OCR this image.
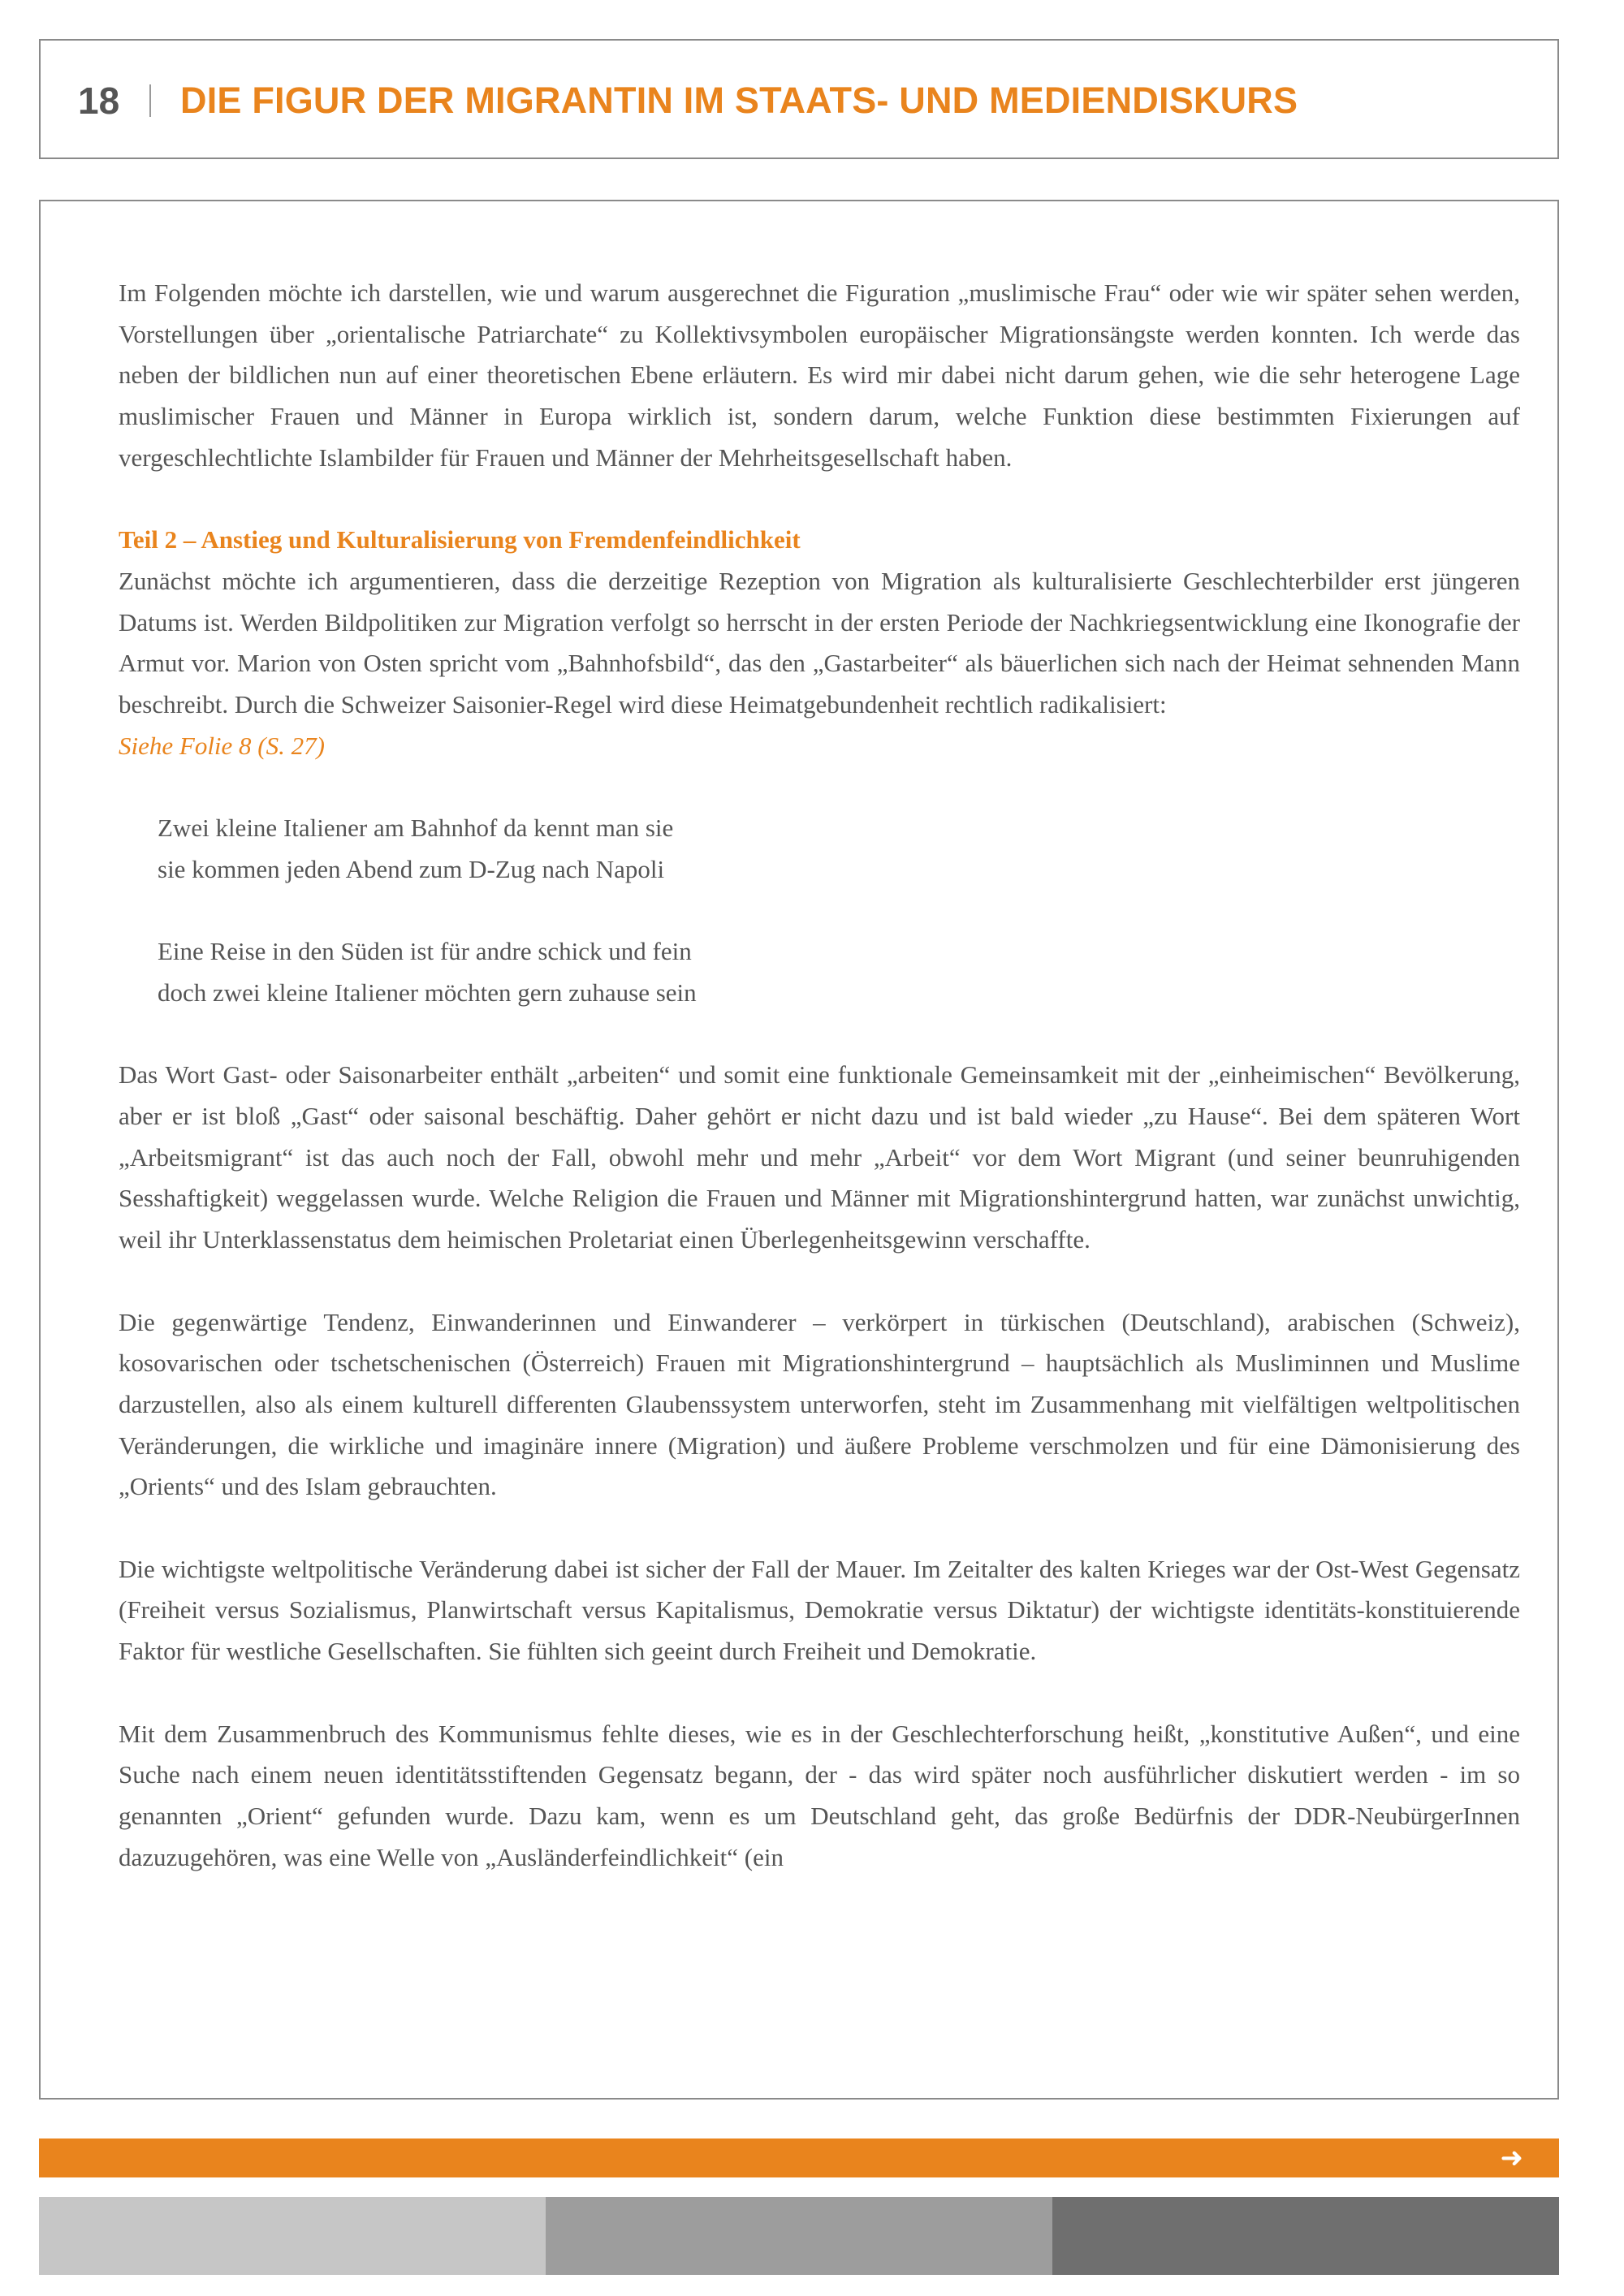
18 DIE FIGUR DER MIGRANTIN IM STAATS- UND MEDIENDISKURS

Im Folgenden möchte ich darstellen, wie und warum ausgerechnet die Figuration „muslimische Frau“ oder wie wir später sehen werden, Vorstellungen über „orientalische Patriarchate“ zu Kollektivsymbolen europäischer Migrationsängste werden konnten. Ich werde das neben der bildlichen nun auf einer theoretischen Ebene erläutern. Es wird mir dabei nicht darum gehen, wie die sehr heterogene Lage muslimischer Frauen und Männer in Europa wirklich ist, sondern darum, welche Funktion diese bestimmten Fixierungen auf vergeschlechtlichte Islambilder für Frauen und Männer der Mehrheitsgesellschaft haben.

Teil 2 – Anstieg und Kulturalisierung von Fremdenfeindlichkeit
Zunächst möchte ich argumentieren, dass die derzeitige Rezeption von Migration als kulturalisierte Geschlechterbilder erst jüngeren Datums ist. Werden Bildpolitiken zur Migration verfolgt so herrscht in der ersten Periode der Nachkriegsentwicklung eine Ikonografie der Armut vor. Marion von Osten spricht vom „Bahnhofsbild“, das den „Gastarbeiter“ als bäuerlichen sich nach der Heimat sehnenden Mann beschreibt. Durch die Schweizer Saisonier-Regel wird diese Heimatgebundenheit rechtlich radikalisiert:

Siehe Folie 8 (S. 27)
Zwei kleine Italiener am Bahnhof da kennt man sie
sie kommen jeden Abend zum D-Zug nach Napoli
Eine Reise in den Süden ist für andre schick und fein
doch zwei kleine Italiener möchten gern zuhause sein

Das Wort Gast- oder Saisonarbeiter enthält „arbeiten“ und somit eine funktionale Gemeinsamkeit mit der „einheimischen“ Bevölkerung, aber er ist bloß „Gast“ oder saisonal beschäftig. Daher gehört er nicht dazu und ist bald wieder „zu Hause“. Bei dem späteren Wort „Arbeitsmigrant“ ist das auch noch der Fall, obwohl mehr und mehr „Arbeit“ vor dem Wort Migrant (und seiner beunruhigenden Sesshaftigkeit) weggelassen wurde. Welche Religion die Frauen und Männer mit Migrationshintergrund hatten, war zunächst unwichtig, weil ihr Unterklassenstatus dem heimischen Proletariat einen Überlegenheitsgewinn verschaffte.

Die gegenwärtige Tendenz, Einwanderinnen und Einwanderer – verkörpert in türkischen (Deutschland), arabischen (Schweiz), kosovarischen oder tschetschenischen (Österreich) Frauen mit Migrationshintergrund – hauptsächlich als Musliminnen und Muslime darzustellen, also als einem kulturell differenten Glaubenssystem unterworfen, steht im Zusammenhang mit vielfältigen weltpolitischen Veränderungen, die wirkliche und imaginäre innere (Migration) und äußere Probleme verschmolzen und für eine Dämonisierung des „Orients“ und des Islam gebrauchten.

Die wichtigste weltpolitische Veränderung dabei ist sicher der Fall der Mauer. Im Zeitalter des kalten Krieges war der Ost-West Gegensatz (Freiheit versus Sozialismus, Planwirtschaft versus Kapitalismus, Demokratie versus Diktatur) der wichtigste identitäts-konstituierende Faktor für westliche Gesellschaften. Sie fühlten sich geeint durch Freiheit und Demokratie.

Mit dem Zusammenbruch des Kommunismus fehlte dieses, wie es in der Geschlechterforschung heißt, „konstitutive Außen“, und eine Suche nach einem neuen identitätsstiftenden Gegensatz begann, der - das wird später noch ausführlicher diskutiert werden - im so genannten „Orient“ gefunden wurde. Dazu kam, wenn es um Deutschland geht, das große Bedürfnis der DDR-NeubürgerInnen dazuzugehören, was eine Welle von „Ausländerfeindlichkeit“ (ein

➜
